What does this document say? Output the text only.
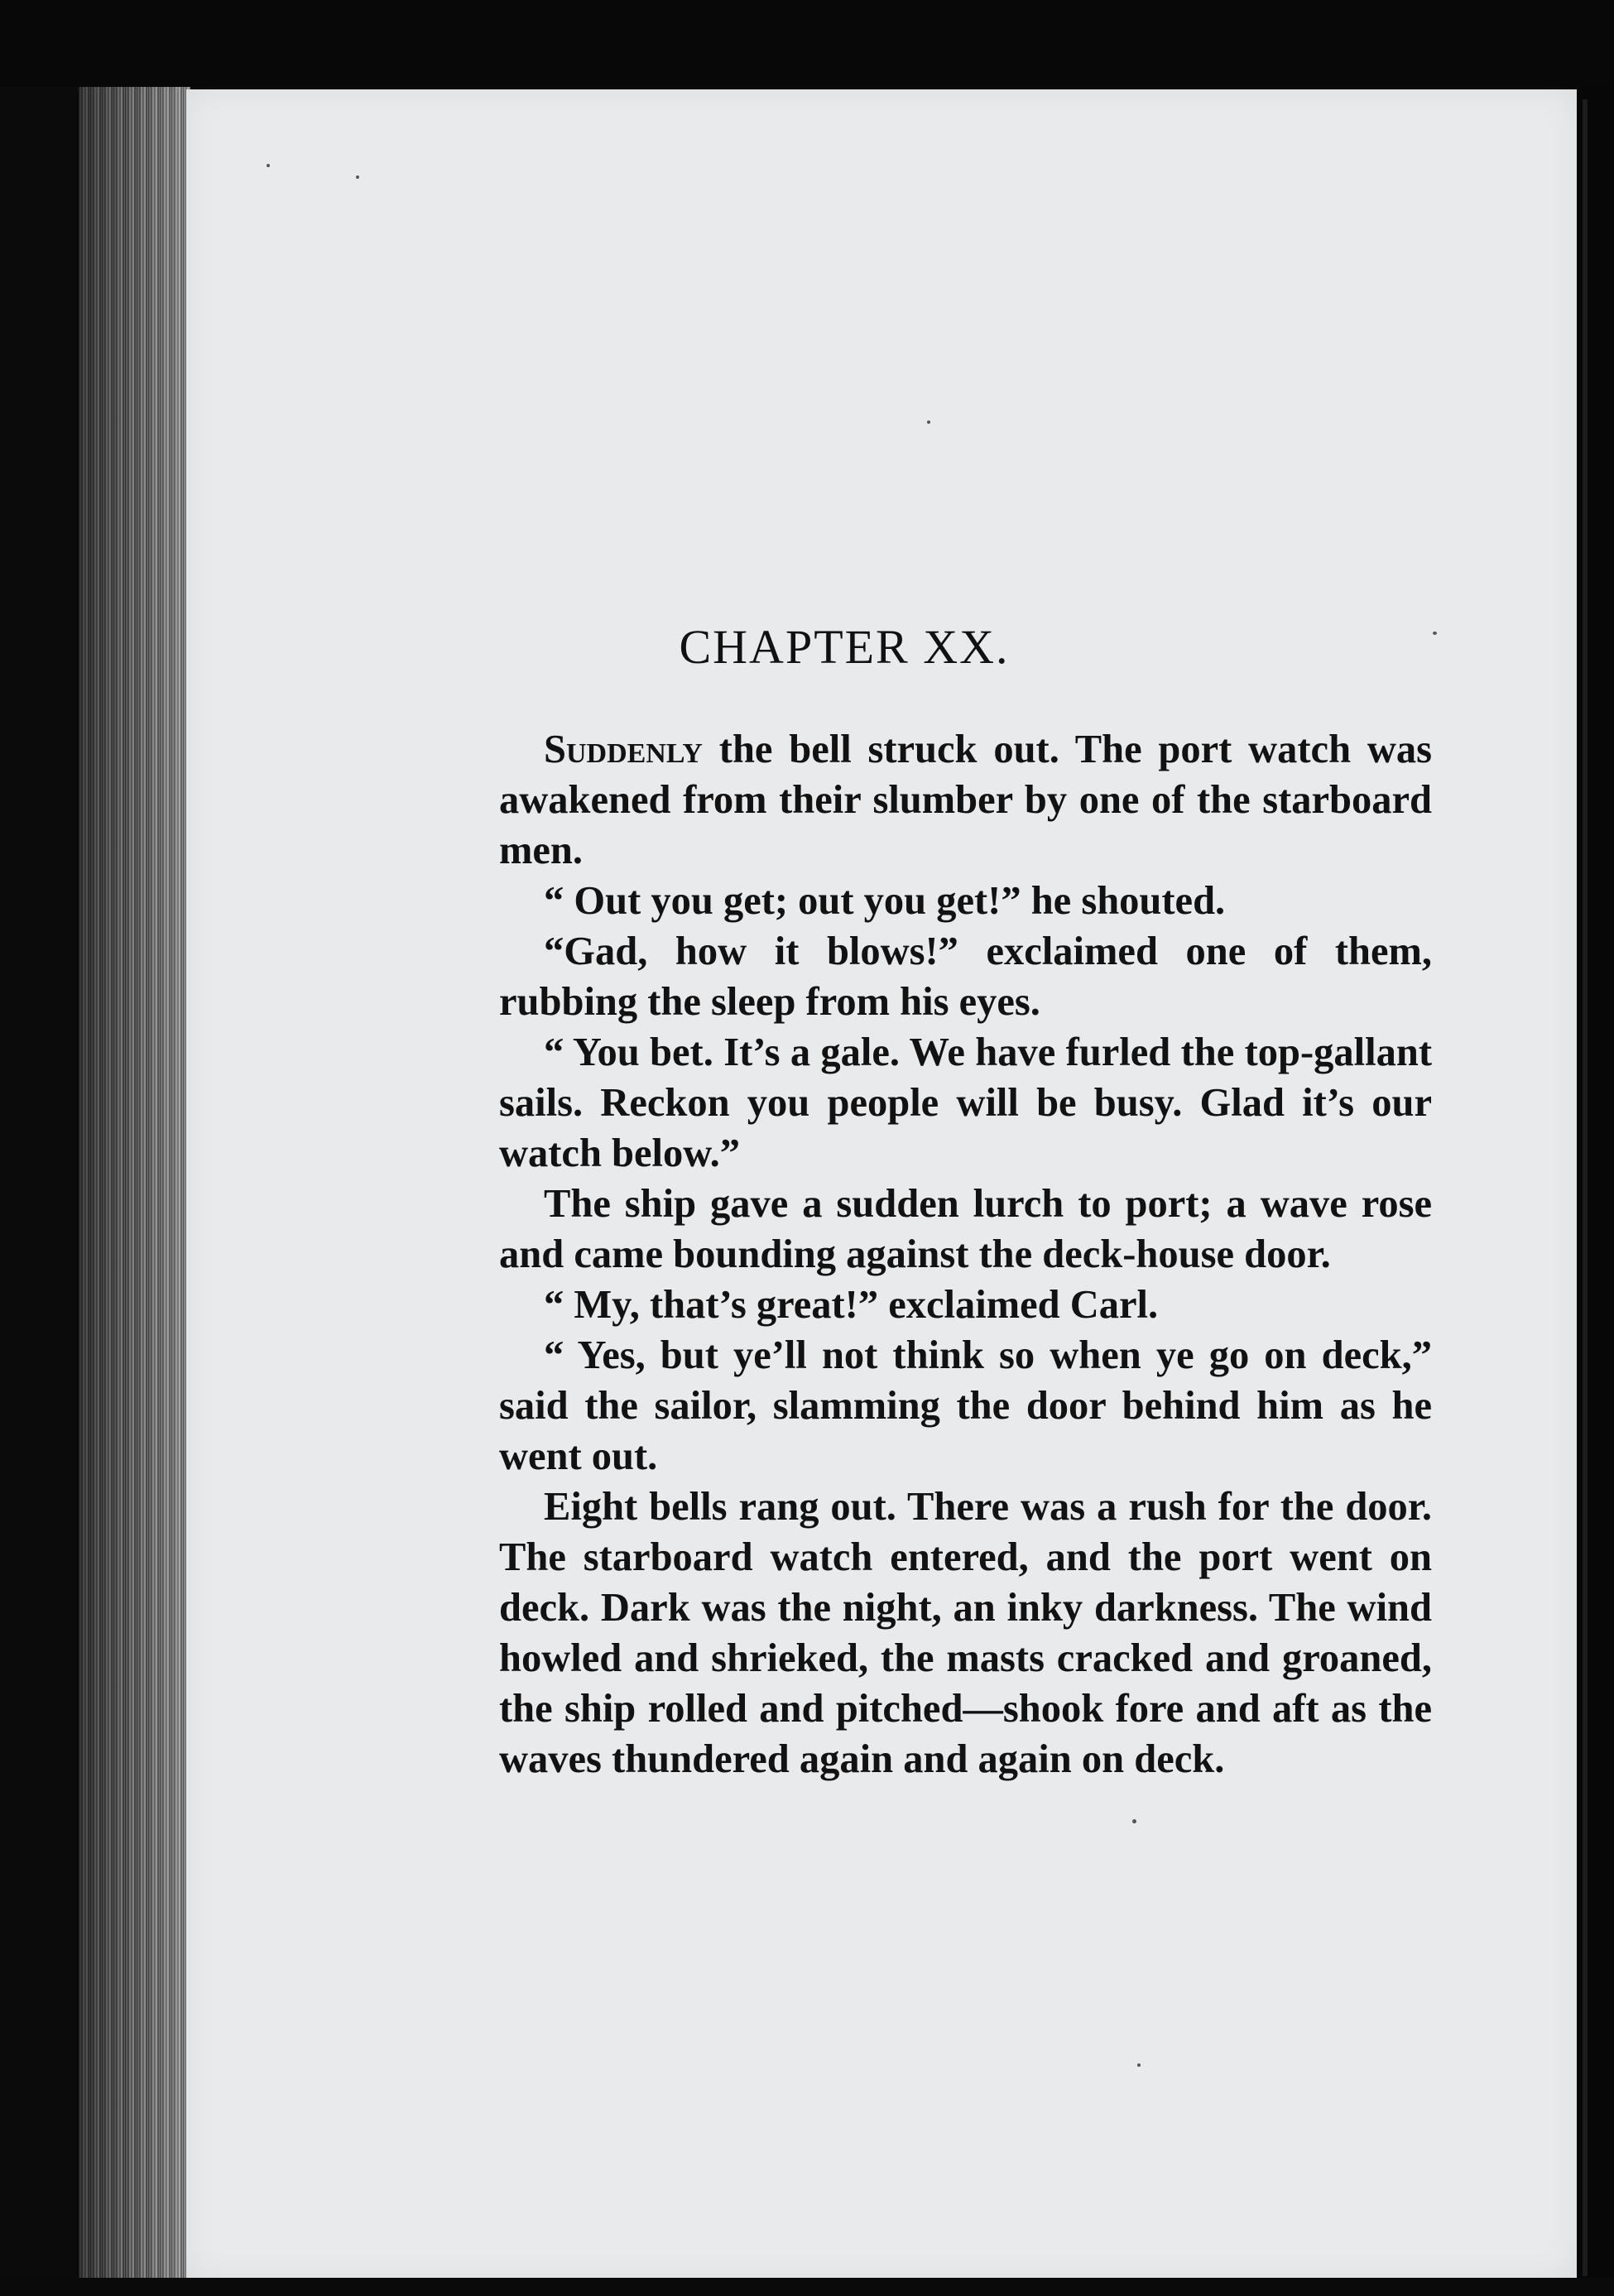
CHAPTER XX.

Suddenly the bell struck out. The port watch was awakened from their slumber by one of the starboard men.

“ Out you get; out you get!” he shouted.

“Gad, how it blows!” exclaimed one of them, rubbing the sleep from his eyes.

“ You bet. It’s a gale. We have furled the top-gallant sails. Reckon you people will be busy. Glad it’s our watch below.”

The ship gave a sudden lurch to port; a wave rose and came bounding against the deck-house door.

“ My, that’s great!” exclaimed Carl.

“ Yes, but ye’ll not think so when ye go on deck,” said the sailor, slamming the door behind him as he went out.

Eight bells rang out. There was a rush for the door. The starboard watch entered, and the port went on deck. Dark was the night, an inky darkness. The wind howled and shrieked, the masts cracked and groaned, the ship rolled and pitched—shook fore and aft as the waves thundered again and again on deck.
